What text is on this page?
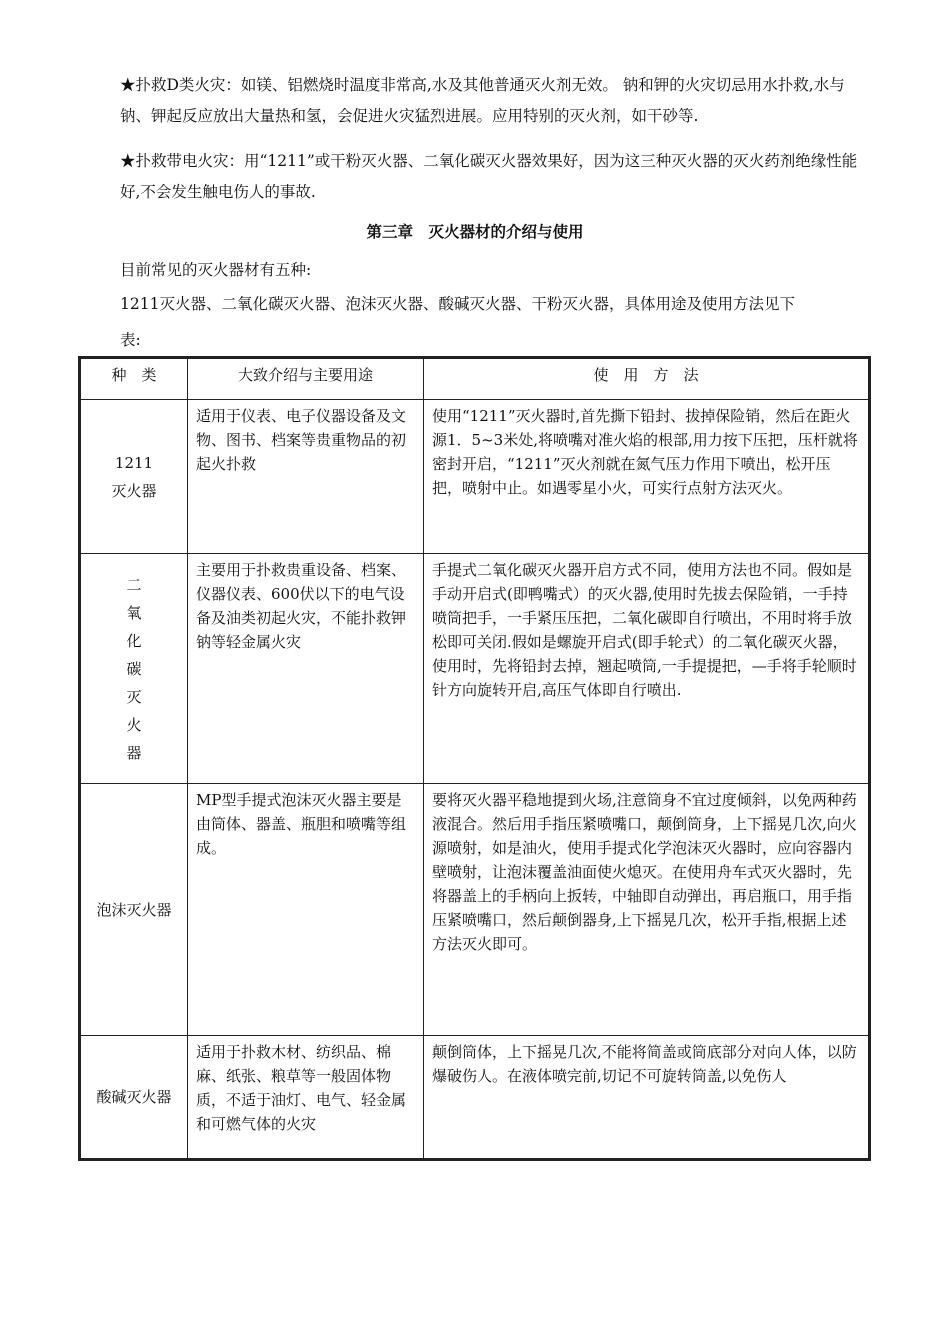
★扑救D类火灾：如镁、铝燃烧时温度非常高,水及其他普通灭火剂无效。 钠和钾的火灾切忌用水扑救,水与钠、钾起反应放出大量热和氢，会促进火灾猛烈进展。应用特别的灭火剂，如干砂等.

★扑救带电火灾：用“1211”或干粉灭火器、二氧化碳灭火器效果好，因为这三种灭火器的灭火药剂绝缘性能好,不会发生触电伤人的事故.

第三章　灭火器材的介绍与使用

目前常见的灭火器材有五种:

1211灭火器、二氧化碳灭火器、泡沫灭火器、酸碱灭火器、干粉灭火器，具体用途及使用方法见下

表:

种　类	大致介绍与主要用途	使　用　方　法
1211灭火器	适用于仪表、电子仪器设备及文物、图书、档案等贵重物品的初起火扑救	使用“1211”灭火器时,首先撕下铅封、拔掉保险销，然后在距火源1．5~3米处,将喷嘴对准火焰的根部,用力按下压把，压杆就将密封开启，“1211”灭火剂就在氮气压力作用下喷出，松开压把，喷射中止。如遇零星小火，可实行点射方法灭火。
二氧化碳灭火器	主要用于扑救贵重设备、档案、仪器仪表、600伏以下的电气设备及油类初起火灾，不能扑救钾钠等轻金属火灾	手提式二氧化碳灭火器开启方式不同，使用方法也不同。假如是手动开启式(即鸭嘴式）的灭火器,使用时先拔去保险销，一手持喷筒把手，一手紧压压把，二氧化碳即自行喷出，不用时将手放松即可关闭.假如是螺旋开启式(即手轮式）的二氧化碳灭火器，使用时，先将铅封去掉，翘起喷筒,一手提提把，—手将手轮顺时针方向旋转开启,高压气体即自行喷出.
泡沫灭火器	MP型手提式泡沫灭火器主要是由筒体、器盖、瓶胆和喷嘴等组成。	要将灭火器平稳地提到火场,注意筒身不宜过度倾斜，以免两种药液混合。然后用手指压紧喷嘴口，颠倒筒身，上下摇晃几次,向火源喷射，如是油火，使用手提式化学泡沫灭火器时，应向容器内壁喷射，让泡沫覆盖油面使火熄灭。在使用舟车式灭火器时，先将器盖上的手柄向上扳转，中轴即自动弹出，再启瓶口，用手指压紧喷嘴口，然后颠倒器身,上下摇晃几次，松开手指,根据上述方法灭火即可。
酸碱灭火器	适用于扑救木材、纺织品、棉麻、纸张、粮草等一般固体物质，不适于油灯、电气、轻金属和可燃气体的火灾	颠倒筒体，上下摇晃几次,不能将简盖或筒底部分对向人体，以防爆破伤人。在液体喷完前,切记不可旋转筒盖,以免伤人
